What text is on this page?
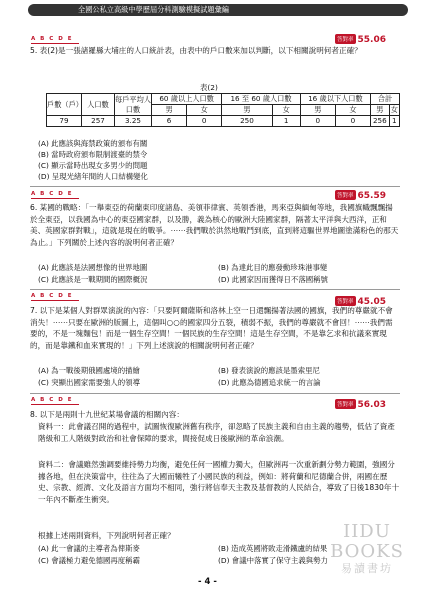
全國公私立高級中學歷屆分科測驗模擬試題彙編
A B C D E	答對率 55.06
5. 表(2)是一張諸羅縣大埔庄的人口統計表，由表中的戶口數來加以判斷，以下相關說明何者正確？
表(2)
戶數（戶）	人口數	每戶平均人口數	60 歲以上人口數		16 至 60 歲人口數		16 歲以下人口數		合計	
			男	女	男	女	男	女	男	女
79	257	3.25	6	0	250	1	0	0	256	1
(A) 此應該與海禁政策的頒布有關
(B) 當時政府頒布限制渡臺的禁令
(C) 顯示當時出現女多男少的問題
(D) 呈現光緒年間的人口結構變化
A B C D E	答對率 65.59
6. 某國的戰略：「一舉東亞的荷蘭東印度諸島、美領菲律賓、英領香港，馬來亞與緬甸等地，我國旗幟飄飄揚於全東亞，以我國為中心的東亞國家群，以及勝，義為核心的歐洲大陸國家群，隔著太平洋與大西洋，正和美、英國家群對戰」，這就是現在的戰爭。⋯⋯我們戰於洪然地戰鬥到底，直到將這驅世界地圖塗滿粉色的那天為止。」下列關於上述內容的說明何者正確？
(A) 此應該是法國想像的世界地圖	(B) 為達此目的應發動珍珠港事變
(C) 此應該是一戰期間的國際概況	(D) 此國家因而獲得日不落國稱號
A B C D E
答對率 45.05
7. 以下是某個人對群眾演說的內容：「只要阿爾薩斯和洛林上空一日還飄揚著法國的國旗，我們的尊嚴就不會消失！⋯⋯只要在歐洲的版圖上，這個叫○○的國家四分五裂，積弱不振，我們的尊嚴就不會回！⋯⋯我們需要的，不是一塊麵包！而是一個生存空間！一個民族的生存空間！這是生存空間，不是靠乞求和抗議來實現的，而是靠鐵和血來實現的！」下列上述演說的相關說明何者正確？
(A) 為一戰後期俄國處境的描繪	(B) 發表演說的應該是墨索里尼
(C) 突顯出國家需要強人的領導	(D) 此應為德國追求統一的言論
A B C D E
答對率 56.03
8. 以下是兩則十九世紀某場會議的相關內容：
資料一：此會議召開的過程中，試圖恢復歐洲舊有秩序，卻忽略了民族主義和自由主義的趨勢，低估了資產階級和工人階級對政治和社會保障的要求，間接促成日後歐洲的革命浪潮。
資料二：會議雖然強調要維持勢力均衡，避免任何一國權力獨大，但歐洲再一次重新劃分勢力範圍，強國分據各地，但在決策當中，往往為了大國而犧牲了小國民族的利益，例如：將荷蘭和尼德蘭合併，兩國在歷史、宗教、經濟、文化及語言方面均不相同，強行將信奉天主教及基督教的人民結合，導致了日後1830年十一年內不斷產生衝突。
根據上述兩則資料，下列說明何者正確？
(A) 此一會議的主導者為俾斯麥	(B) 造成英國將敗走滑鐵盧的結果
(C) 會議極力避免德國再度稱霸	(D) 會議中落實了保守主義與勢力
IIDU
BOOKS
易讀書坊
- 4 -
